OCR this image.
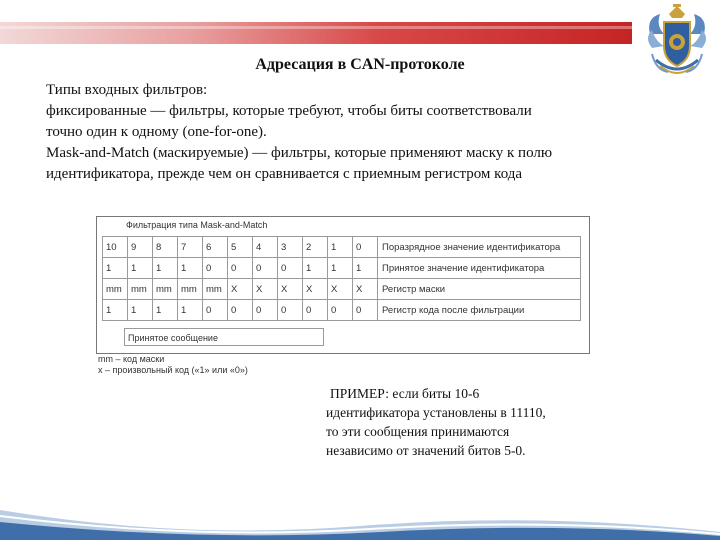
Адресация в CAN-протоколе
Типы входных фильтров:
фиксированные — фильтры, которые требуют, чтобы биты соответствовали
точно один к одному (one-for-one).
Mask-and-Match (маскируемые) — фильтры, которые применяют маску к полю
идентификатора, прежде чем он сравнивается с приемным регистром кода
Фильтрация типа Mask-and-Match
10	9	8	7	6	5	4	3	2	1	0	Поразрядное значение идентификатора
1	1	1	1	0	0	0	0	1	1	1	Принятое значение идентификатора
mm	mm	mm	mm	mm	X	X	X	X	X	X	Регистр маски
1	1	1	1	0	0	0	0	0	0	0	Регистр кода после фильтрации
Принятое сообщение
mm – код маски
x – произвольный код («1» или «0»)
ПРИМЕР: если биты 10-6
идентификатора установлены в 11110,
то эти сообщения принимаются
независимо от значений битов 5-0.
